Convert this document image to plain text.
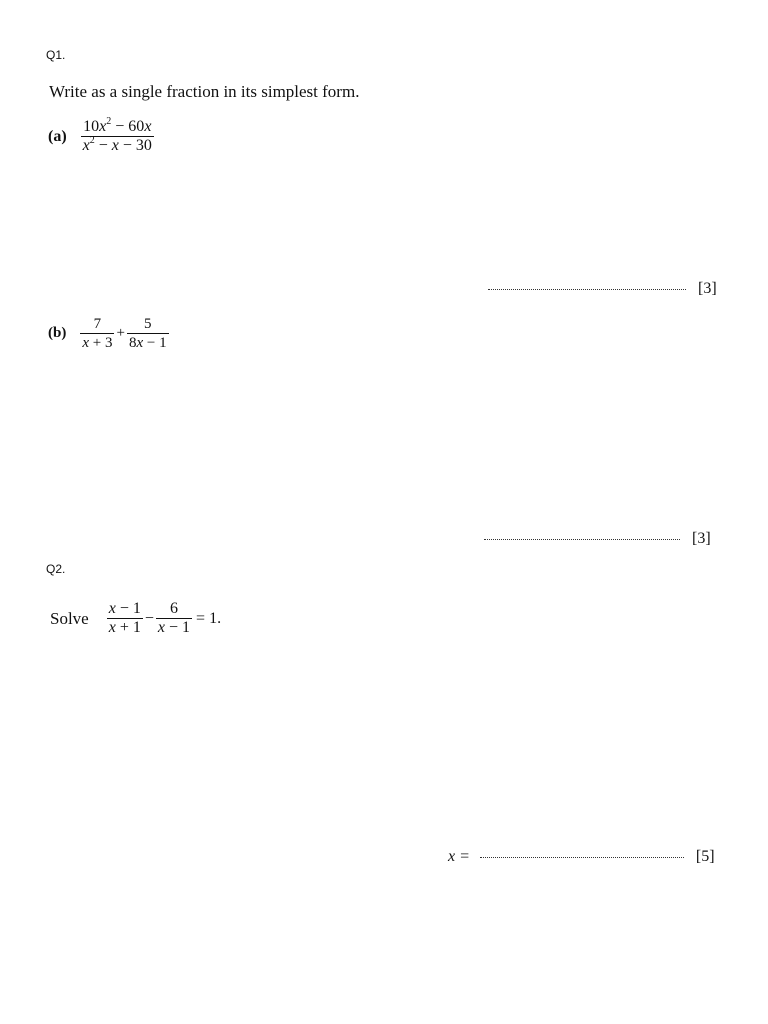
Q1.
Write as a single fraction in its simplest form.
$(a) \frac{10x^2 - 60x}{x^2 - x - 30}$
[3]
$(b) \frac{7}{x + 3} + \frac{5}{8x - 1}$
[3]
Q2.
Solve $\frac{x - 1}{x + 1} - \frac{6}{x - 1} = 1$.
x =	[5]
